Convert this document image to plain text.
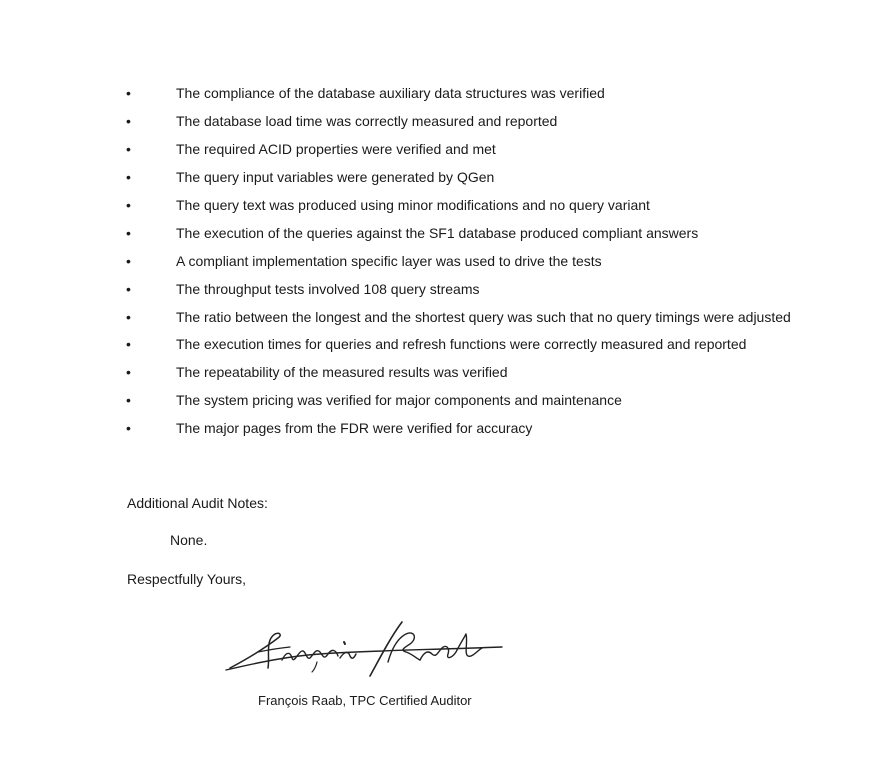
•	The compliance of the database auxiliary data structures was verified
•	The database load time was correctly measured and reported
•	The required ACID properties were verified and met
•	The query input variables were generated by QGen
•	The query text was produced using minor modifications and no query variant
•	The execution of the queries against the SF1 database produced compliant answers
•	A compliant implementation specific layer was used to drive the tests
•	The throughput tests involved 108 query streams
•	The ratio between the longest and the shortest query was such that no query timings were adjusted
•	The execution times for queries and refresh functions were correctly measured and reported
•	The repeatability of the measured results was verified
•	The system pricing was verified for major components and maintenance
•	The major pages from the FDR were verified for accuracy

Additional Audit Notes:

None.

Respectfully Yours,

François Raab, TPC Certified Auditor
